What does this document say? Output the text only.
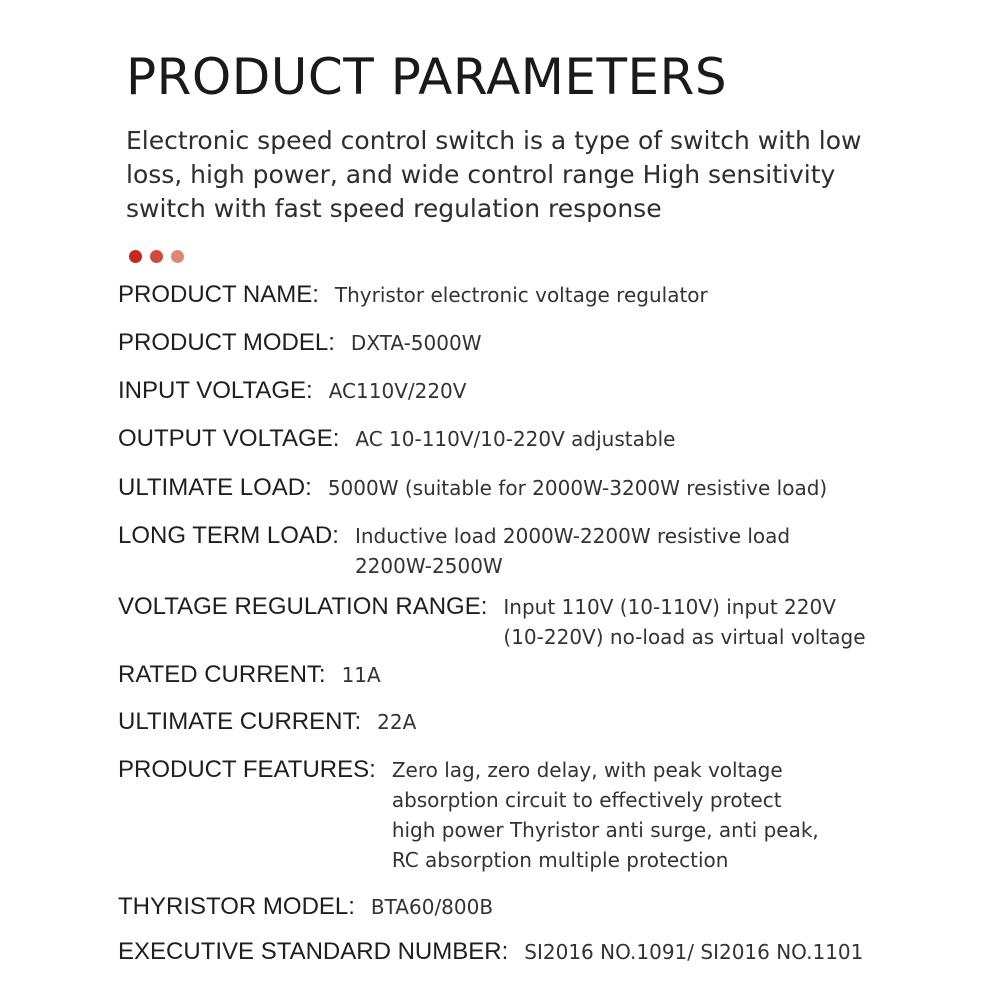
PRODUCT PARAMETERS

Electronic speed control switch is a type of switch with low loss, high power, and wide control range High sensitivity switch with fast speed regulation response

PRODUCT NAME: Thyristor electronic voltage regulator
PRODUCT MODEL: DXTA-5000W
INPUT VOLTAGE: AC110V/220V
OUTPUT VOLTAGE: AC 10-110V/10-220V adjustable
ULTIMATE LOAD: 5000W (suitable for 2000W-3200W resistive load)
LONG TERM LOAD: Inductive load 2000W-2200W resistive load
2200W-2500W
VOLTAGE REGULATION RANGE: Input 110V (10-110V) input 220V
(10-220V) no-load as virtual voltage
RATED CURRENT: 11A
ULTIMATE CURRENT: 22A
PRODUCT FEATURES: Zero lag, zero delay, with peak voltage
absorption circuit to effectively protect
high power Thyristor anti surge, anti peak,
RC absorption multiple protection
THYRISTOR MODEL: BTA60/800B
EXECUTIVE STANDARD NUMBER: SI2016 NO.1091/ SI2016 NO.1101
